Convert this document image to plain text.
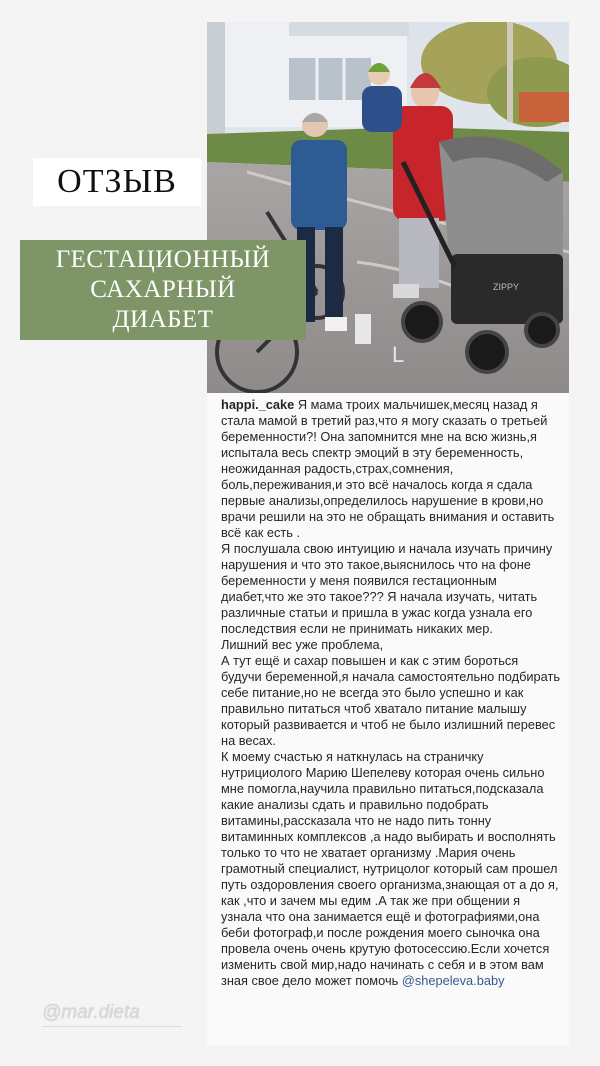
ОТЗЫВ
ГЕСТАЦИОННЫЙ
САХАРНЫЙ
ДИАБЕТ
ZIPPY
L

happi._cake Я мама троих мальчишек,месяц назад я стала мамой в третий раз,что я могу сказать о третьей беременности?! Она запомнится мне на всю жизнь,я испытала весь спектр эмоций в эту беременность, неожиданная радость,страх,сомнения, боль,переживания,и это всё началось когда я сдала первые анализы,определилось нарушение в крови,но врачи решили на это не обращать внимания и оставить всё как есть .

Я послушала свою интуицию и начала изучать причину нарушения и что это такое,выяснилось что на фоне беременности у меня появился гестационным диабет,что же это такое??? Я начала изучать, читать различные статьи и пришла в ужас когда узнала его последствия если не принимать никаких мер.

Лишний вес уже проблема,

А тут ещё и сахар повышен и как с этим бороться будучи беременной,я начала самостоятельно подбирать себе питание,но не всегда это было успешно и как правильно питаться чтоб хватало питание малышу который развивается и чтоб не было излишний перевес на весах.

К моему счастью я наткнулась на страничку нутрициолого Марию Шепелеву которая очень сильно мне помогла,научила правильно питаться,подсказала какие анализы сдать и правильно подобрать витамины,рассказала что не надо пить тонну витаминных комплексов ,а надо выбирать и восполнять только то что не хватает организму .Мария очень грамотный специалист, нутрицолог который сам прошел путь оздоровления своего организма,знающая от а до я, как ,что и зачем мы едим .А так же при общении я узнала что она занимается ещё и фотографиями,она беби фотограф,и после рождения моего сыночка она провела очень очень крутую фотосессию.Если хочется изменить свой мир,надо начинать с себя и в этом вам зная свое дело может помочь @shepeleva.baby

@mar.dieta
